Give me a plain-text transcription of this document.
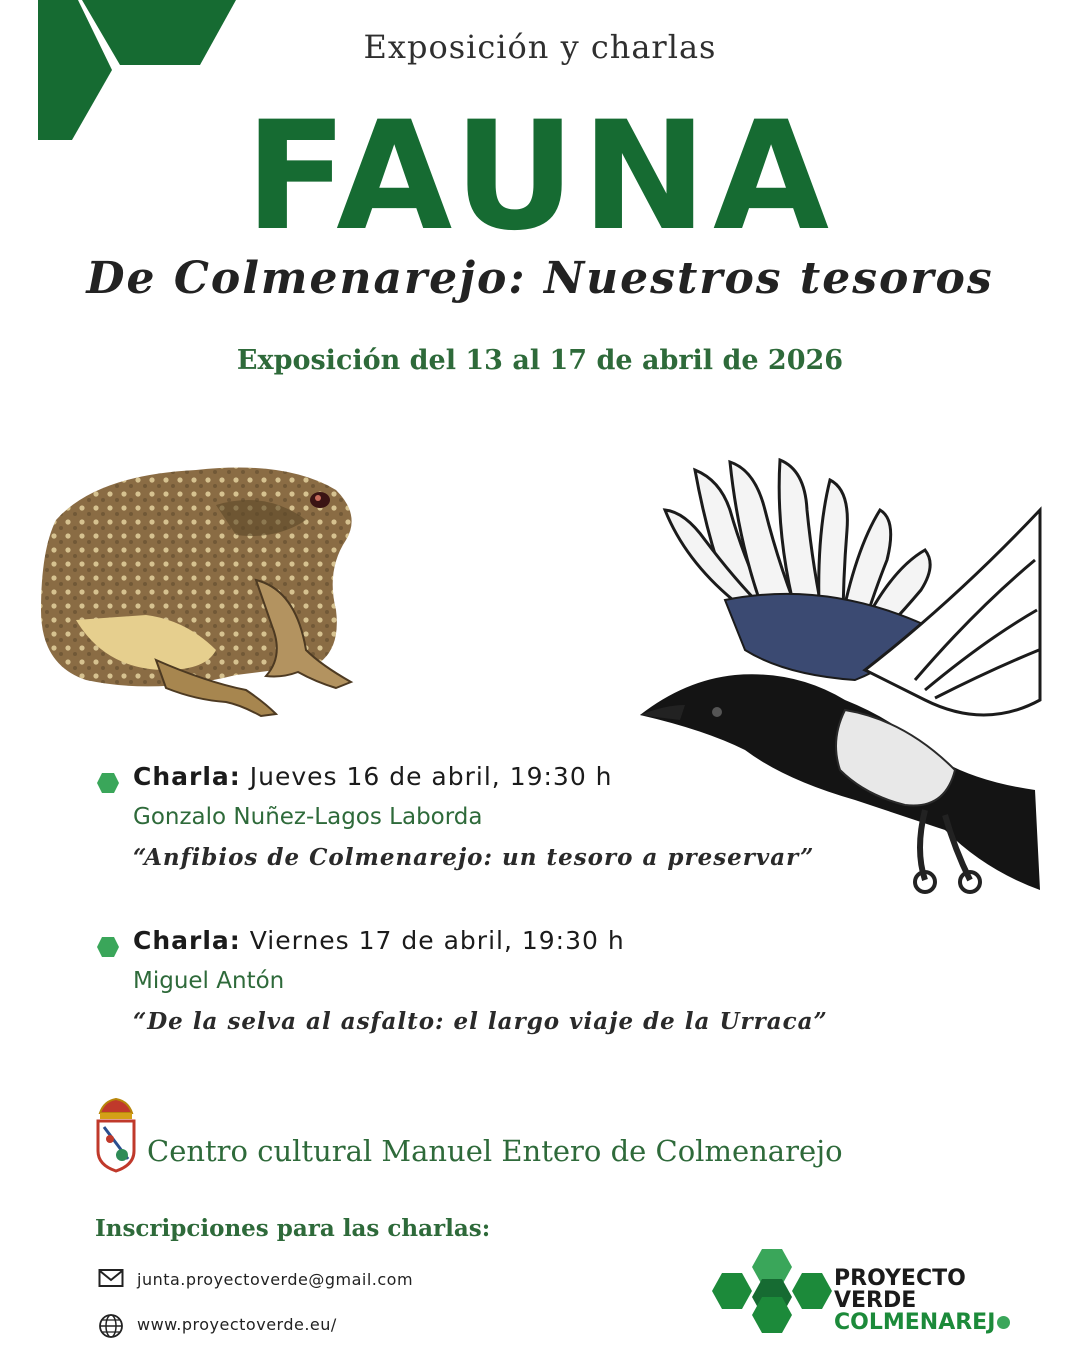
Exposición y charlas
FAUNA
De Colmenarejo: Nuestros tesoros
Exposición del 13 al 17 de abril de 2026
Charla: Jueves 16 de abril, 19:30 h
Gonzalo Nuñez-Lagos Laborda
“Anfibios de Colmenarejo: un tesoro a preservar”
Charla: Viernes 17 de abril, 19:30 h
Miguel Antón
“De la selva al asfalto: el largo viaje de la Urraca”
Centro cultural Manuel Entero de Colmenarejo
Inscripciones para las charlas:
junta.proyectoverde@gmail.com
www.proyectoverde.eu/
PROYECTO
VERDE
COLMENAREJ
